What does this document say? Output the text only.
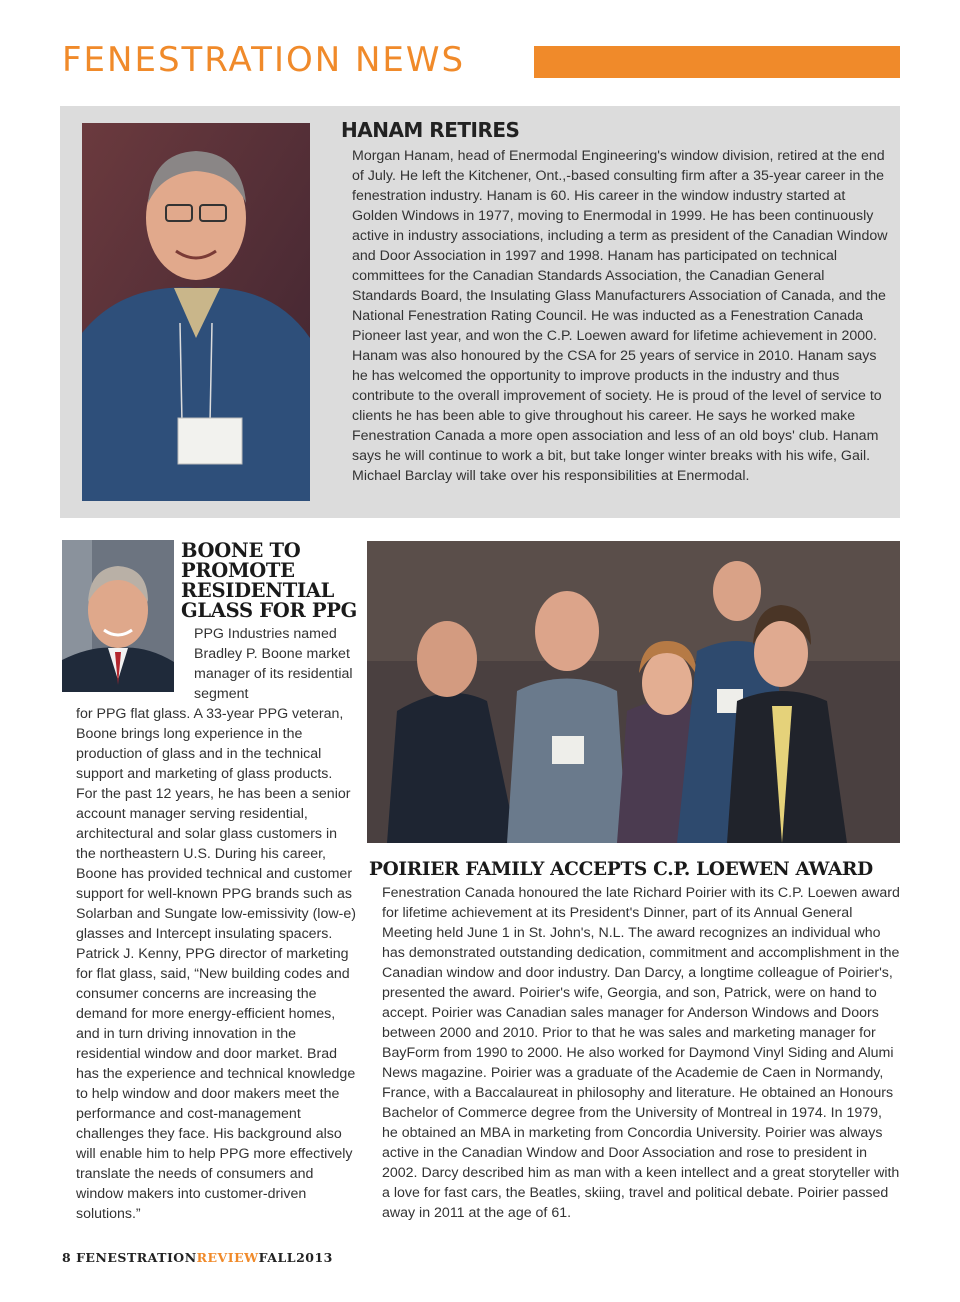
FENESTRATION NEWS
HANAM RETIRES

Morgan Hanam, head of Enermodal Engineering's window division, retired at the end of July. He left the Kitchener, Ont.,-based consulting firm after a 35-year career in the fenestration industry. Hanam is 60. His career in the window industry started at Golden Windows in 1977, moving to Enermodal in 1999. He has been continuously active in industry associations, including a term as president of the Canadian Window and Door Association in 1997 and 1998. Hanam has participated on technical committees for the Canadian Standards Association, the Canadian General Standards Board, the Insulating Glass Manufacturers Association of Canada, and the National Fenestration Rating Council. He was inducted as a Fenestration Canada Pioneer last year, and won the C.P. Loewen award for lifetime achievement in 2000. Hanam was also honoured by the CSA for 25 years of service in 2010. Hanam says he has welcomed the opportunity to improve products in the industry and thus contribute to the overall improvement of society. He is proud of the level of service to clients he has been able to give throughout his career. He says he worked make Fenestration Canada a more open association and less of an old boys' club. Hanam says he will continue to work a bit, but take longer winter breaks with his wife, Gail. Michael Barclay will take over his responsibilities at Enermodal.

BOONE TO PROMOTE RESIDENTIAL GLASS FOR PPG
PPG Industries named Bradley P. Boone market manager of its residential segment
for PPG flat glass. A 33-year PPG veteran, Boone brings long experience in the production of glass and in the technical support and marketing of glass products. For the past 12 years, he has been a senior account manager serving residential, architectural and solar glass customers in the northeastern U.S. During his career, Boone has provided technical and customer support for well-known PPG brands such as Solarban and Sungate low-emissivity (low-e) glasses and Intercept insulating spacers. Patrick J. Kenny, PPG director of marketing for flat glass, said, “New building codes and consumer concerns are increasing the demand for more energy-efficient homes, and in turn driving innovation in the residential window and door market. Brad has the experience and technical knowledge to help window and door makers meet the performance and cost-management challenges they face. His background also will enable him to help PPG more effectively translate the needs of consumers and window makers into customer-driven solutions.”
POIRIER FAMILY ACCEPTS C.P. LOEWEN AWARD
Fenestration Canada honoured the late Richard Poirier with its C.P. Loewen award for lifetime achievement at its President's Dinner, part of its Annual General Meeting held June 1 in St. John's, N.L. The award recognizes an individual who has demonstrated outstanding dedication, commitment and accomplishment in the Canadian window and door industry. Dan Darcy, a longtime colleague of Poirier's, presented the award. Poirier's wife, Georgia, and son, Patrick, were on hand to accept. Poirier was Canadian sales manager for Anderson Windows and Doors between 2000 and 2010. Prior to that he was sales and marketing manager for BayForm from 1990 to 2000. He also worked for Daymond Vinyl Siding and Alumi News magazine. Poirier was a graduate of the Academie de Caen in Normandy, France, with a Baccalaureat in philosophy and literature. He obtained an Honours Bachelor of Commerce degree from the University of Montreal in 1974. In 1979, he obtained an MBA in marketing from Concordia University. Poirier was always active in the Canadian Window and Door Association and rose to president in 2002. Darcy described him as man with a keen intellect and a great storyteller with a love for fast cars, the Beatles, skiing, travel and political debate. Poirier passed away in 2011 at the age of 61.
8 FENESTRATIONREVIEWFALL2013
